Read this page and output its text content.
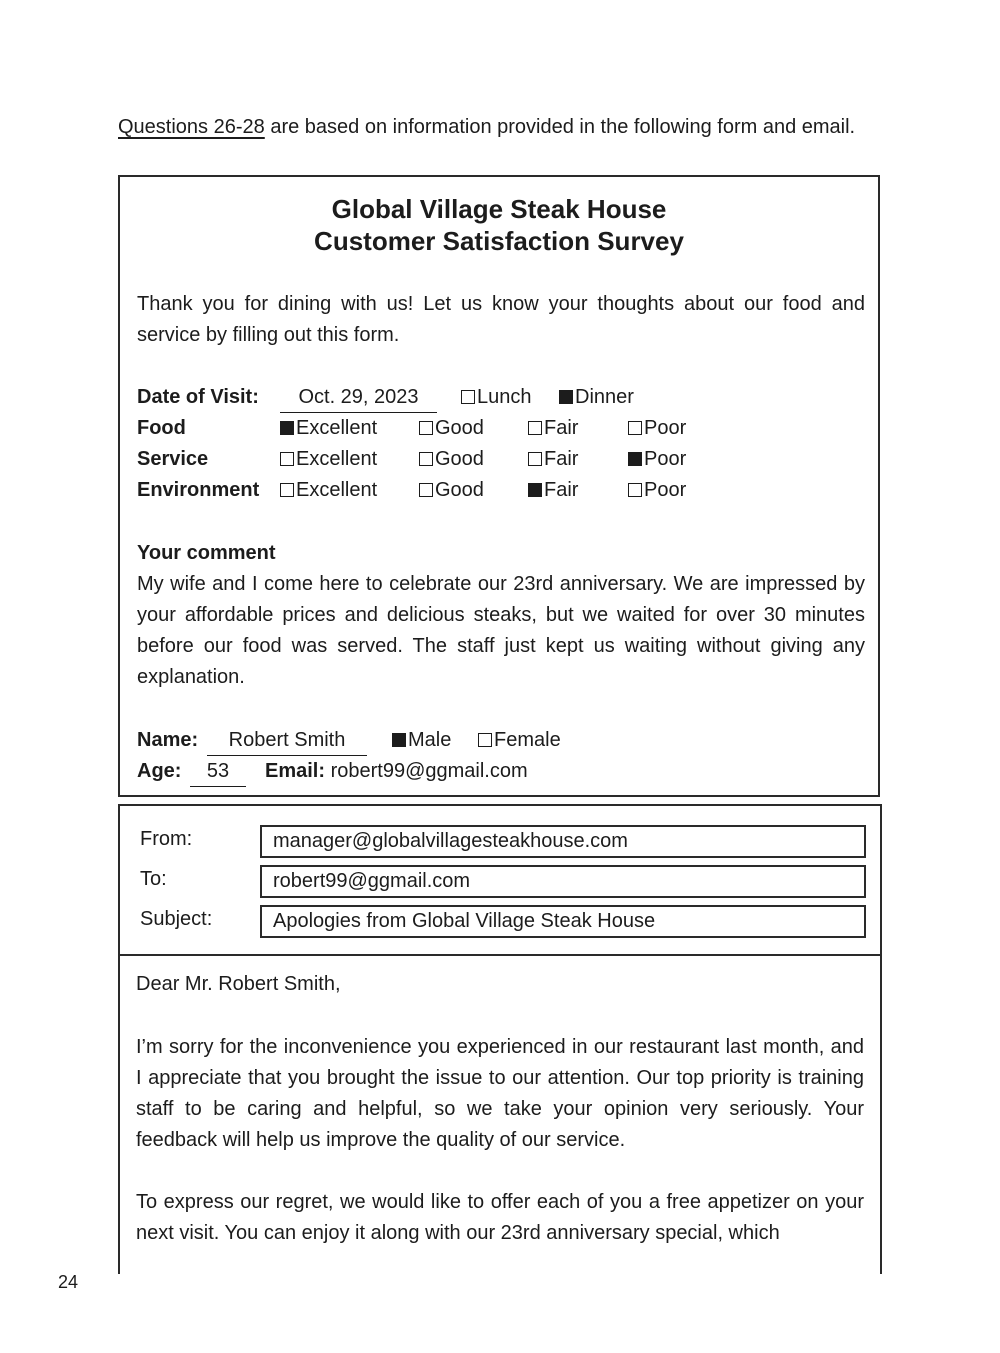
Questions 26-28 are based on information provided in the following form and email.
Global Village Steak House
Customer Satisfaction Survey
Thank you for dining with us! Let us know your thoughts about our food and service by filling out this form.
Date of Visit:	Oct. 29, 2023	Lunch	Dinner
Food	Excellent	Good	Fair	Poor
Service	Excellent	Good	Fair	Poor
Environment	Excellent	Good	Fair	Poor
Your comment
My wife and I come here to celebrate our 23rd anniversary. We are impressed by your affordable prices and delicious steaks, but we waited for over 30 minutes before our food was served. The staff just kept us waiting without giving any explanation.
Name:	Robert Smith	Male	Female
Age:	53	Email: robert99@ggmail.com
From:	manager@globalvillagesteakhouse.com
To:	robert99@ggmail.com
Subject:	Apologies from Global Village Steak House
Dear Mr. Robert Smith,
I’m sorry for the inconvenience you experienced in our restaurant last month, and I appreciate that you brought the issue to our attention. Our top priority is training staff to be caring and helpful, so we take your opinion very seriously. Your feedback will help us improve the quality of our service.
To express our regret, we would like to offer each of you a free appetizer on your next visit. You can enjoy it along with our 23rd anniversary special, which
24
